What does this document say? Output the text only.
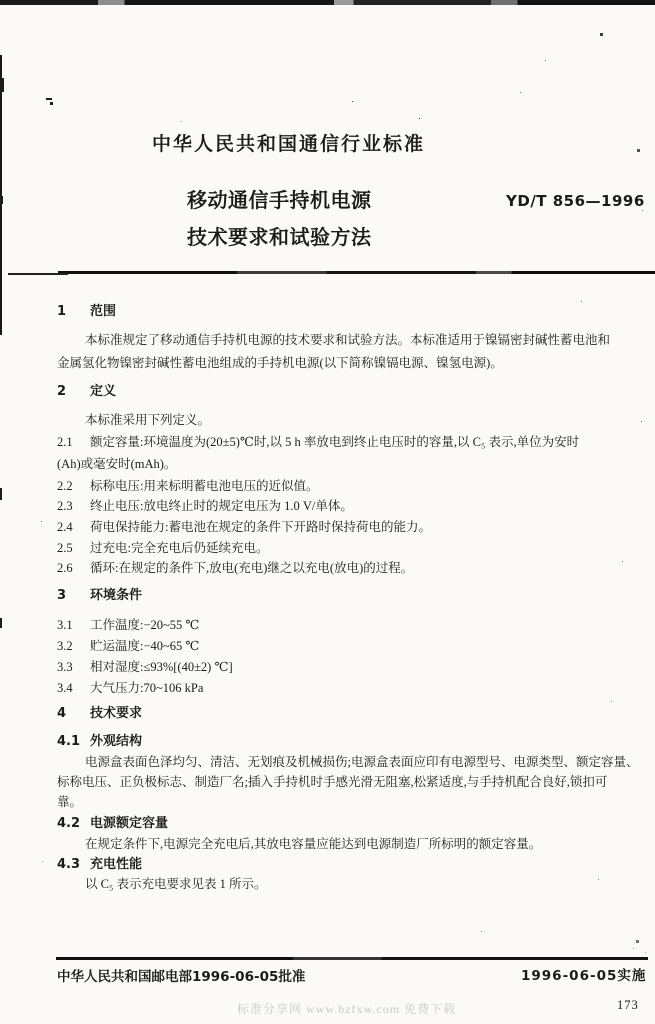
中华人民共和国通信行业标准
移动通信手持机电源
技术要求和试验方法
YD/T 856—1996
1 范围
本标准规定了移动通信手持机电源的技术要求和试验方法。本标准适用于镍镉密封碱性蓄电池和
金属氢化物镍密封碱性蓄电池组成的手持机电源(以下简称镍镉电源、镍氢电源)。
2 定义
本标准采用下列定义。
2.1 额定容量:环境温度为(20±5)℃时,以 5 h 率放电到终止电压时的容量,以 C₅ 表示,单位为安时
(Ah)或毫安时(mAh)。
2.2 标称电压:用来标明蓄电池电压的近似值。
2.3 终止电压:放电终止时的规定电压为 1.0 V/单体。
2.4 荷电保持能力:蓄电池在规定的条件下开路时保持荷电的能力。
2.5 过充电:完全充电后仍延续充电。
2.6 循环:在规定的条件下,放电(充电)继之以充电(放电)的过程。
3 环境条件
3.1 工作温度:−20~55 ℃
3.2 贮运温度:−40~65 ℃
3.3 相对湿度:≤93%[(40±2) ℃]
3.4 大气压力:70~106 kPa
4 技术要求
4.1 外观结构
电源盒表面色泽均匀、清洁、无划痕及机械损伤;电源盒表面应印有电源型号、电源类型、额定容量、
标称电压、正负极标志、制造厂名;插入手持机时手感光滑无阻塞,松紧适度,与手持机配合良好,锁扣可
靠。
4.2 电源额定容量
在规定条件下,电源完全充电后,其放电容量应能达到电源制造厂所标明的额定容量。
4.3 充电性能
以 C₅ 表示充电要求见表 1 所示。
中华人民共和国邮电部1996-06-05批准	1996-06-05实施
标准分享网 www.bzfxw.com 免费下载	173
